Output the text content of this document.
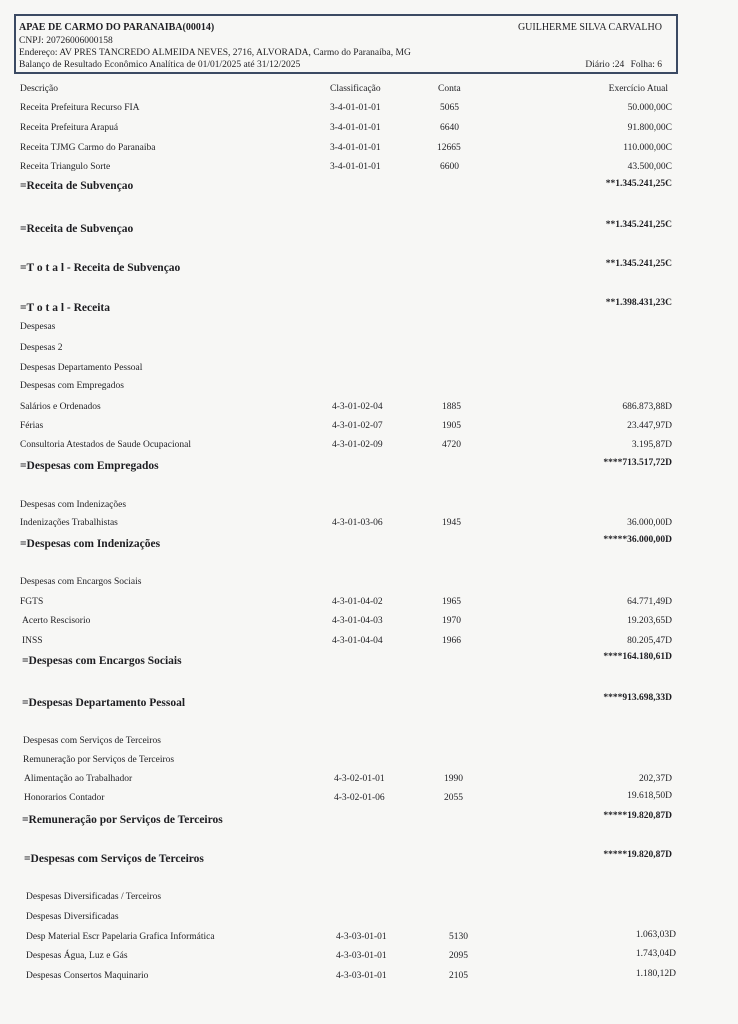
APAE DE CARMO DO PARANAIBA(00014)	GUILHERME SILVA CARVALHO
CNPJ: 20726006000158
Endereço: AV PRES TANCREDO ALMEIDA NEVES, 2716, ALVORADA, Carmo do Paranaíba, MG
Balanço de Resultado Econômico Analítica de 01/01/2025 até 31/12/2025	Diário :24 Folha: 6
Descrição	Classificação	Conta	Exercício Atual
Receita Prefeitura Recurso FIA	3-4-01-01-01	5065	50.000,00C
Receita Prefeitura Arapuá	3-4-01-01-01	6640	91.800,00C
Receita TJMG Carmo do Paranaiba	3-4-01-01-01	12665	110.000,00C
Receita Triangulo Sorte	3-4-01-01-01	6600	43.500,00C
=Receita de Subvençao	**1.345.241,25C
=Receita de Subvençao	**1.345.241,25C
=T o t a l - Receita de Subvençao	**1.345.241,25C
=T o t a l - Receita	**1.398.431,23C
Despesas
Despesas 2
Despesas Departamento Pessoal
Despesas com Empregados
Salários e Ordenados	4-3-01-02-04	1885	686.873,88D
Férias	4-3-01-02-07	1905	23.447,97D
Consultoria Atestados de Saude Ocupacional	4-3-01-02-09	4720	3.195,87D
=Despesas com Empregados	****713.517,72D
Despesas com Indenizações
Indenizações Trabalhistas	4-3-01-03-06	1945	36.000,00D
=Despesas com Indenizações	*****36.000,00D
Despesas com Encargos Sociais
FGTS	4-3-01-04-02	1965	64.771,49D
Acerto Rescisorio	4-3-01-04-03	1970	19.203,65D
INSS	4-3-01-04-04	1966	80.205,47D
=Despesas com Encargos Sociais	****164.180,61D
=Despesas Departamento Pessoal	****913.698,33D
Despesas com Serviços de Terceiros
Remuneração por Serviços de Terceiros
Alimentação ao Trabalhador	4-3-02-01-01	1990	202,37D
Honorarios Contador	4-3-02-01-06	2055	19.618,50D
=Remuneração por Serviços de Terceiros	*****19.820,87D
=Despesas com Serviços de Terceiros	*****19.820,87D
Despesas Diversificadas / Terceiros
Despesas Diversificadas
Desp Material Escr Papelaria Grafica Informática	4-3-03-01-01	5130	1.063,03D
Despesas Água, Luz e Gás	4-3-03-01-01	2095	1.743,04D
Despesas Consertos Maquinario	4-3-03-01-01	2105	1.180,12D
